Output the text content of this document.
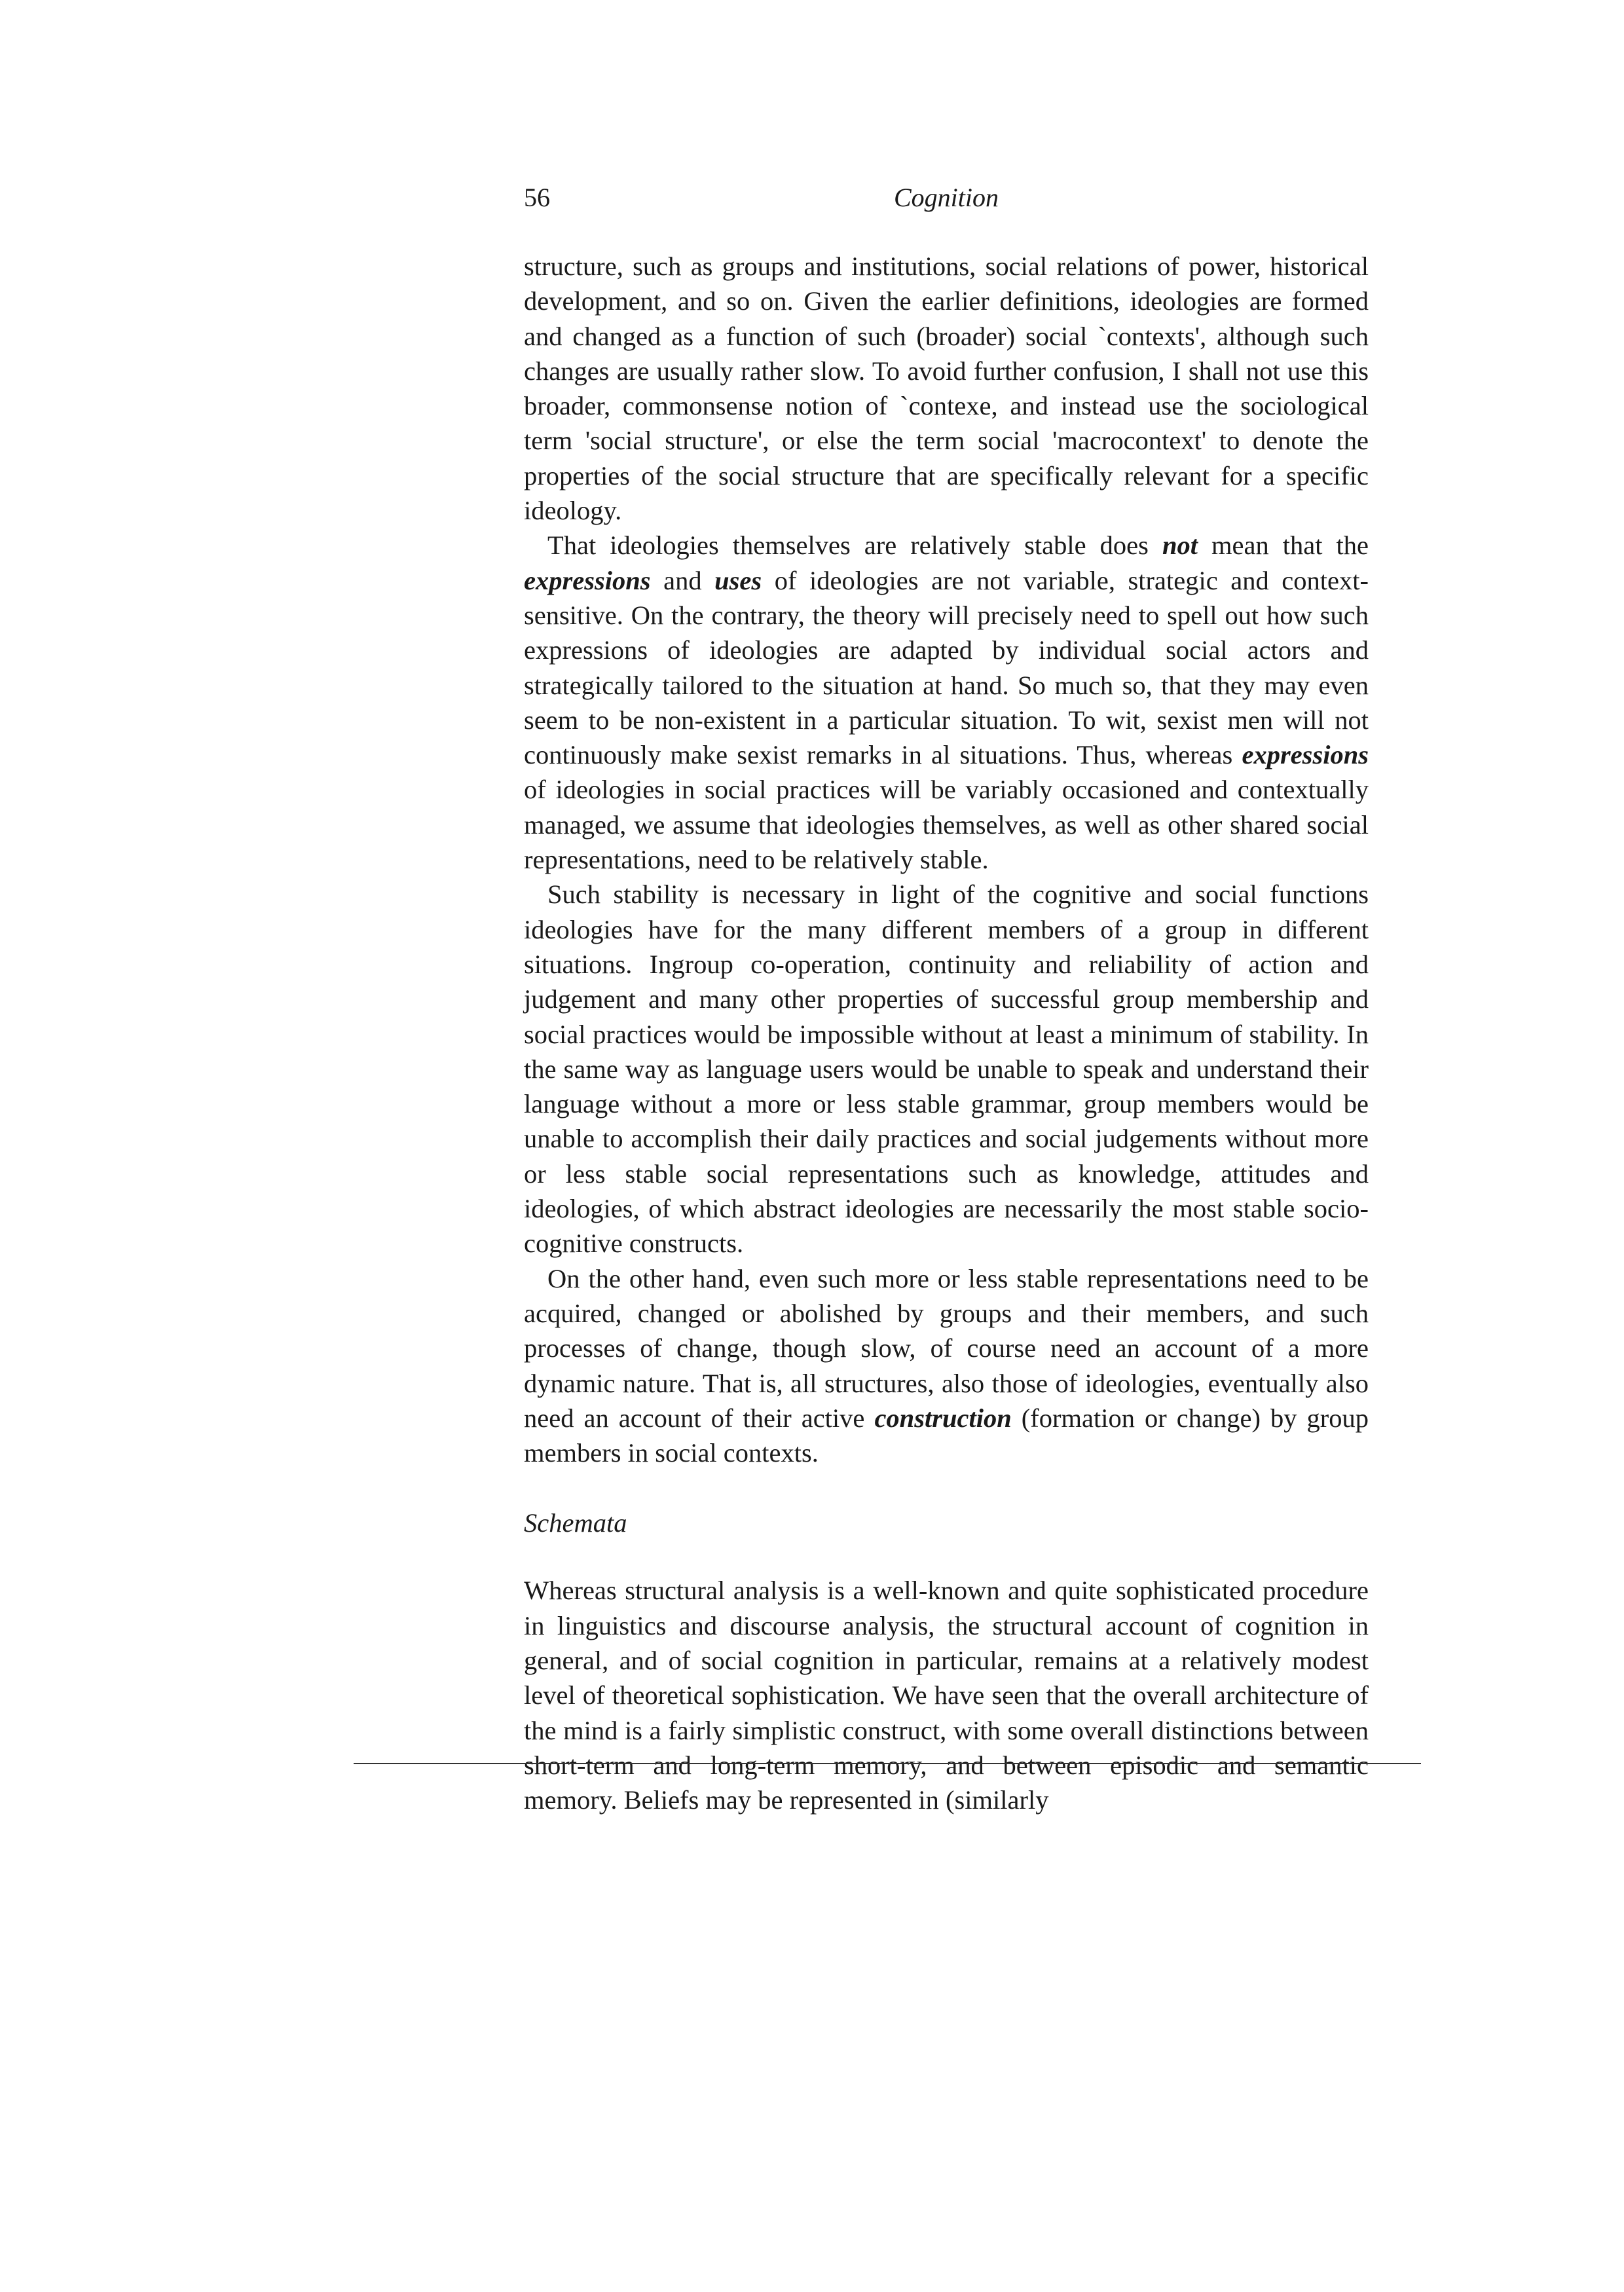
56	Cognition

structure, such as groups and institutions, social relations of power, historical development, and so on. Given the earlier definitions, ideologies are formed and changed as a function of such (broader) social `contexts', although such changes are usually rather slow. To avoid further confusion, I shall not use this broader, commonsense notion of `contexe, and instead use the sociological term 'social structure', or else the term social 'macrocontext' to denote the properties of the social structure that are specifically relevant for a specific ideology.

That ideologies themselves are relatively stable does not mean that the expressions and uses of ideologies are not variable, strategic and context-sensitive. On the contrary, the theory will precisely need to spell out how such expressions of ideologies are adapted by individual social actors and strategically tailored to the situation at hand. So much so, that they may even seem to be non-existent in a particular situation. To wit, sexist men will not continuously make sexist remarks in al situations. Thus, whereas expressions of ideologies in social practices will be variably occasioned and contextually managed, we assume that ideologies themselves, as well as other shared social representations, need to be relatively stable.

Such stability is necessary in light of the cognitive and social functions ideologies have for the many different members of a group in different situations. Ingroup co-operation, continuity and reliability of action and judgement and many other properties of successful group membership and social practices would be impossible without at least a minimum of stability. In the same way as language users would be unable to speak and understand their language without a more or less stable grammar, group members would be unable to accomplish their daily practices and social judgements without more or less stable social representations such as knowledge, attitudes and ideologies, of which abstract ideologies are necessarily the most stable socio-cognitive constructs.

On the other hand, even such more or less stable representations need to be acquired, changed or abolished by groups and their members, and such processes of change, though slow, of course need an account of a more dynamic nature. That is, all structures, also those of ideologies, eventually also need an account of their active construction (formation or change) by group members in social contexts.

Schemata

Whereas structural analysis is a well-known and quite sophisticated procedure in linguistics and discourse analysis, the structural account of cognition in general, and of social cognition in particular, remains at a relatively modest level of theoretical sophistication. We have seen that the overall architecture of the mind is a fairly simplistic construct, with some overall distinctions between short-term and long-term memory, and between episodic and semantic memory. Beliefs may be represented in (similarly
